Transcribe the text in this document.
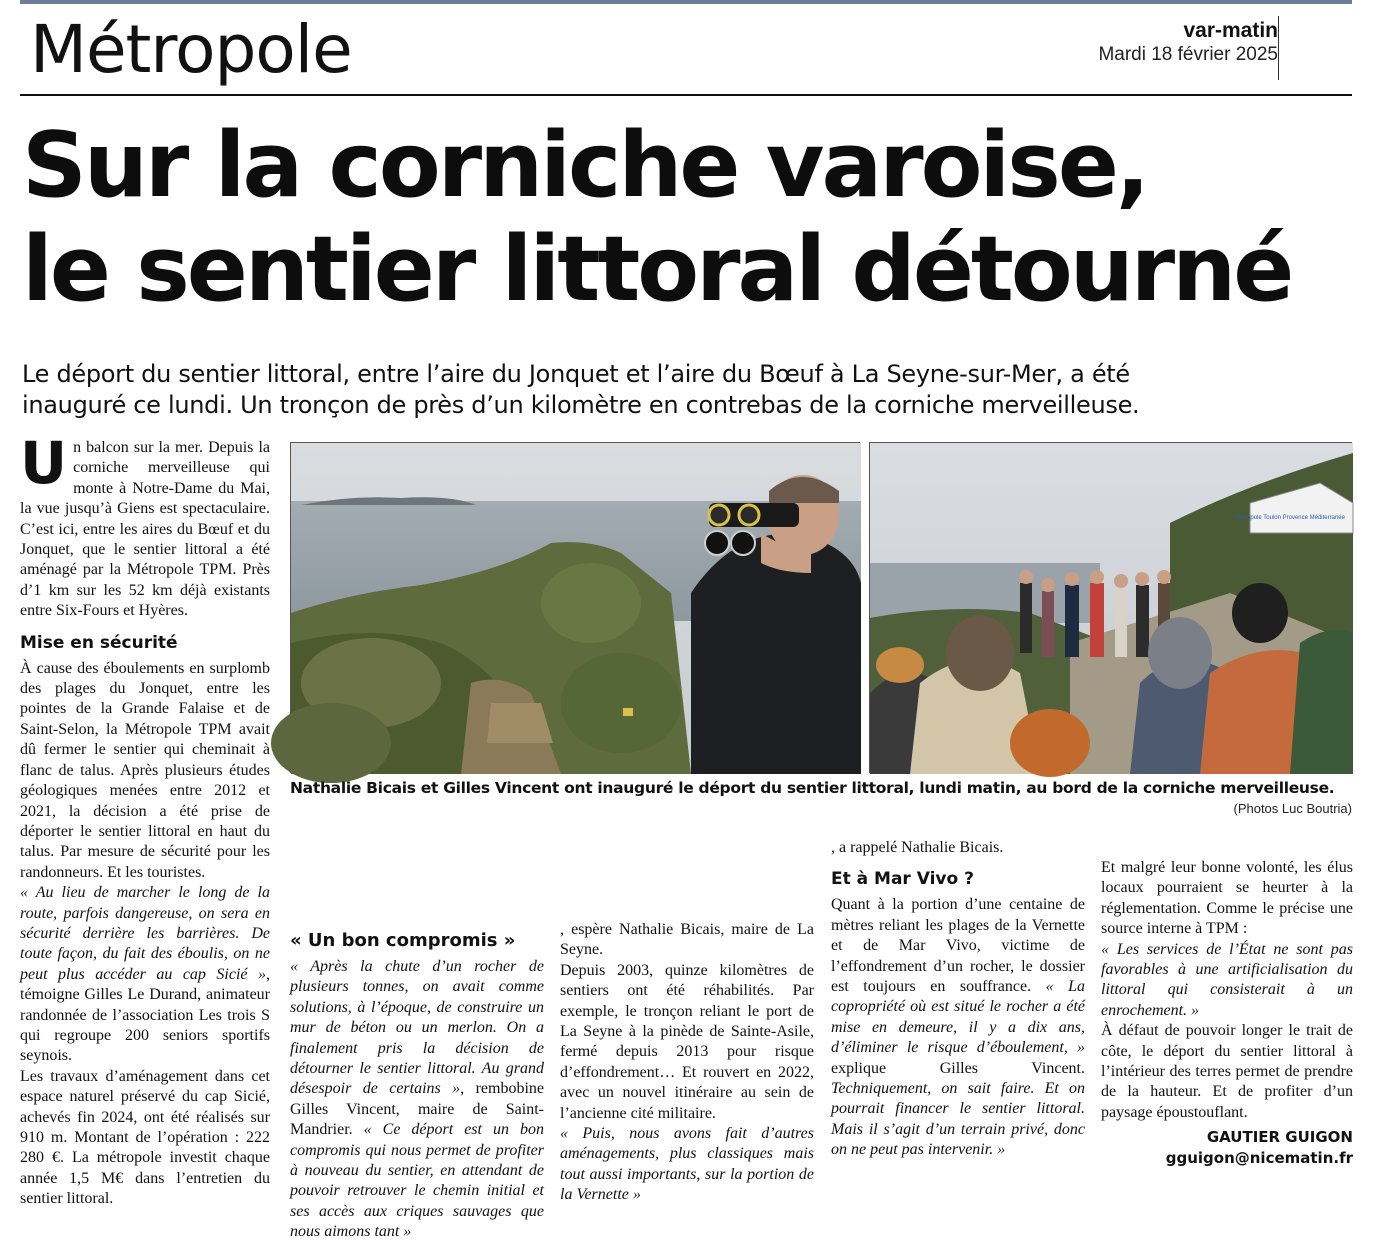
Métropole	var-matin
Mardi 18 février 2025
Sur la corniche varoise,
le sentier littoral détourné
Le déport du sentier littoral, entre l’aire du Jonquet et l’aire du Bœuf à La Seyne-sur-Mer, a été
inauguré ce lundi. Un tronçon de près d’un kilomètre en contrebas de la corniche merveilleuse.

Un balcon sur la mer. Depuis la corniche merveilleuse qui monte à Notre-Dame du Mai, la vue jusqu’à Giens est spectaculaire. C’est ici, entre les aires du Bœuf et du Jonquet, que le sentier littoral a été aménagé par la Métropole TPM. Près d’1 km sur les 52 km déjà existants entre Six-Fours et Hyères.

Mise en sécurité

À cause des éboulements en surplomb des plages du Jonquet, entre les pointes de la Grande Falaise et de Saint-Selon, la Métropole TPM avait dû fermer le sentier qui cheminait à flanc de talus. Après plusieurs études géologiques menées entre 2012 et 2021, la décision a été prise de déporter le sentier littoral en haut du talus. Par mesure de sécurité pour les randonneurs. Et les touristes.

« Au lieu de marcher le long de la route, parfois dangereuse, on sera en sécurité derrière les barrières. De toute façon, du fait des éboulis, on ne peut plus accéder au cap Sicié », témoigne Gilles Le Durand, animateur randonnée de l’association Les trois S qui regroupe 200 seniors sportifs seynois.

Les travaux d’aménagement dans cet espace naturel préservé du cap Sicié, achevés fin 2024, ont été réalisés sur 910 m. Montant de l’opération : 222 280 €. La métropole investit chaque année 1,5 M€ dans l’entretien du sentier littoral.

Métropole Toulon Provence Méditerranée
Nathalie Bicais et Gilles Vincent ont inauguré le déport du sentier littoral, lundi matin, au bord de la corniche merveilleuse.
(Photos Luc Boutria)
« Un bon compromis »

« Après la chute d’un rocher de plusieurs tonnes, on avait comme solutions, à l’époque, de construire un mur de béton ou un merlon. On a finalement pris la décision de détourner le sentier littoral. Au grand désespoir de certains », rembobine Gilles Vincent, maire de Saint-Mandrier. « Ce déport est un bon compromis qui nous permet de profiter à nouveau du sentier, en attendant de pouvoir retrouver le chemin initial et ses accès aux criques sauvages que nous aimons tant »

, espère Nathalie Bicais, maire de La Seyne.

Depuis 2003, quinze kilomètres de sentiers ont été réhabilités. Par exemple, le tronçon reliant le port de La Seyne à la pinède de Sainte-Asile, fermé depuis 2013 pour risque d’effondrement… Et rouvert en 2022, avec un nouvel itinéraire au sein de l’ancienne cité militaire.

« Puis, nous avons fait d’autres aménagements, plus classiques mais tout aussi importants, sur la portion de la Vernette »

, a rappelé Nathalie Bicais.

Et à Mar Vivo ?

Quant à la portion d’une centaine de mètres reliant les plages de la Vernette et de Mar Vivo, victime de l’effondrement d’un rocher, le dossier est toujours en souffrance. « La copropriété où est situé le rocher a été mise en demeure, il y a dix ans, d’éliminer le risque d’éboulement, » explique Gilles Vincent. Techniquement, on sait faire. Et on pourrait financer le sentier littoral. Mais il s’agit d’un terrain privé, donc on ne peut pas intervenir. »

Et malgré leur bonne volonté, les élus locaux pourraient se heurter à la réglementation. Comme le précise une source interne à TPM :

« Les services de l’État ne sont pas favorables à une artificialisation du littoral qui consisterait à un enrochement. »

À défaut de pouvoir longer le trait de côte, le déport du sentier littoral à l’intérieur des terres permet de prendre de la hauteur. Et de profiter d’un paysage époustouflant.

GAUTIER GUIGON
gguigon@nicematin.fr
